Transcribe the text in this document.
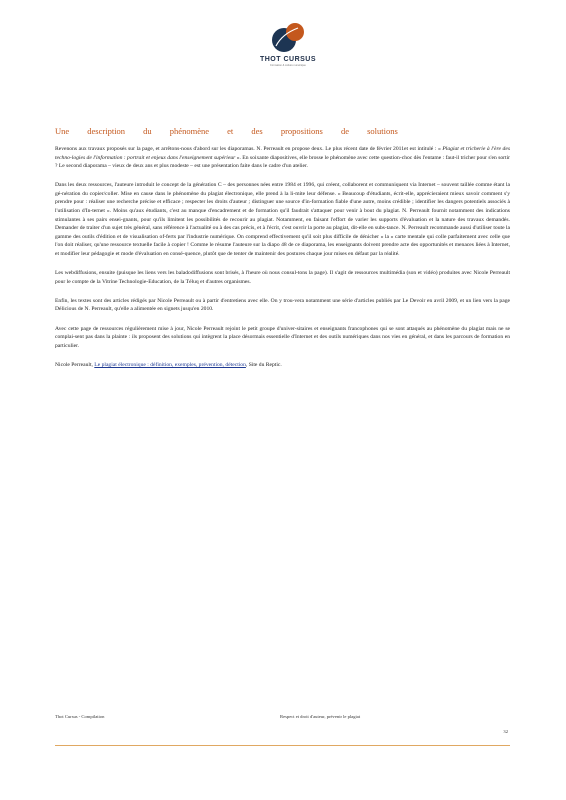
THOT CURSUS
Formation & culture numérique
Une description du phénomène et des propositions de solutions

Revenons aux travaux proposés sur la page, et arrêtons-nous d'abord sur les diaporamas. N. Perreault en propose deux. Le plus récent date de février 2011et est intitulé : « Plagiat et tricherie à l'ère des techno-logies de l'information : portrait et enjeux dans l'enseignement supérieur ». En soixante diapositives, elle brosse le phénomène avec cette question-choc dès l'entame : faut-il tricher pour s'en sortir ? Le second diaporama – vieux de deux ans et plus modeste – est une présentation faite dans le cadre d'un atelier.

Dans les deux ressources, l'auteure introduit le concept de la génération C – des personnes nées entre 1984 et 1996, qui créent, collaborent et communiquent via Internet – souvent taillée comme étant la gé-nération du copier/coller. Mise en cause dans le phénomène du plagiat électronique, elle prend à la li-mite leur défense. « Beaucoup d'étudiants, écrit-elle, apprécieraient mieux savoir comment s'y prendre pour : réaliser une recherche précise et efficace ; respecter les droits d'auteur ; distinguer une source d'in-formation fiable d'une autre, moins crédible ; identifier les dangers potentiels associés à l'utilisation d'In-ternet ». Moins qu'aux étudiants, c'est au manque d'encadrement et de formation qu'il faudrait s'attaquer pour venir à bout du plagiat. N. Perreault fournit notamment des indications stimulantes à ses pairs ensei-gnants, pour qu'ils limitent les possibilités de recourir au plagiat. Notamment, en faisant l'effort de varier les supports d'évaluation et la nature des travaux demandés. Demander de traiter d'un sujet très général, sans référence à l'actualité ou à des cas précis, et à l'écrit, c'est ouvrir la porte au plagiat, dit-elle en subs-tance. N. Perreault recommande aussi d'utiliser toute la gamme des outils d'édition et de visualisation of-ferts par l'industrie numérique. On comprend effectivement qu'il soit plus difficile de dénicher « la » carte mentale qui colle parfaitement avec celle que l'on doit réaliser, qu'une ressource textuelle facile à copier ! Comme le résume l'auteure sur la diapo 48 de ce diaporama, les enseignants doivent prendre acte des opportunités et menaces liées à Internet, et modifier leur pédagogie et mode d'évaluation en consé-quence, plutôt que de tenter de maintenir des postures chaque jour mises en défaut par la réalité.

Les webdiffusions, ensuite (puisque les liens vers les baladodiffusions sont brisés, à l'heure où nous consul-tons la page). Il s'agit de ressources multimédia (son et vidéo) produites avec Nicole Perreault pour le compte de la Vitrine Technologie-Education, de la Téluq et d'autres organismes.

Enfin, les textes sont des articles rédigés par Nicole Perreault ou à partir d'entretiens avec elle. On y trou-vera notamment une série d'articles publiés par Le Devoir en avril 2009, et un lien vers la page Délicious de N. Perreault, qu'elle a alimentée en signets jusqu'en 2010.

Avec cette page de ressources régulièrement mise à jour, Nicole Perreault rejoint le petit groupe d'univer-sitaires et enseignants francophones qui se sont attaqués au phénomène du plagiat mais ne se complai-sent pas dans la plainte : ils proposent des solutions qui intègrent la place désormais essentielle d'Internet et des outils numériques dans nos vies en général, et dans les parcours de formation en particulier.

Nicole Perreault, Le plagiat électronique : définition, exemples, prévention, détection, Site du Reptic.

Thot Cursus - Compilation	Respect et droit d'auteur, prévenir le plagiat
32
